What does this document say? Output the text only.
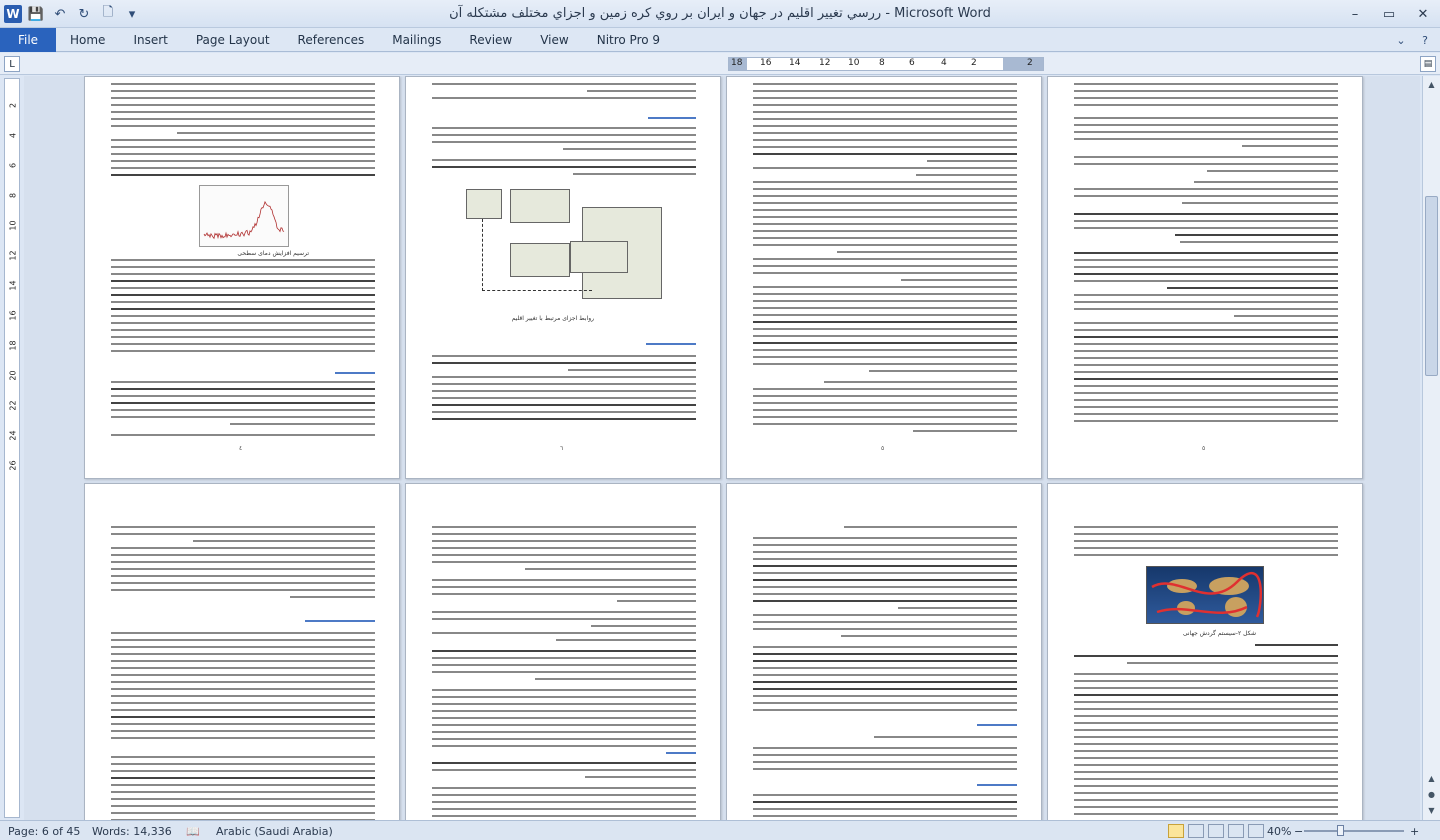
W 💾 ↶	↻	🗋	▾	ررسي تغيير اقليم در جهان و ايران بر روي کره زمين و اجزاي مختلف مشتکله آن - Microsoft Word	–	▭	✕
File	Home	Insert	Page Layout	References	Mailings	Review	View	Nitro Pro 9	⌄	?
L	18 16 14 12 10 8	6	4	2	2	▤
2
4
6
8
10
12
14
16
18
20
22
24
26
٤
ترسیم افزایش دمای سطحی
٦
روابط اجزای مرتبط با تغییر اقلیم
٥	٥
شکل ٢-سیستم گردش جهانی
▲
▲
●
▼
Page: 6 of 45 Words: 14,336 📖 Arabic (Saudi Arabia)	40% −	+
